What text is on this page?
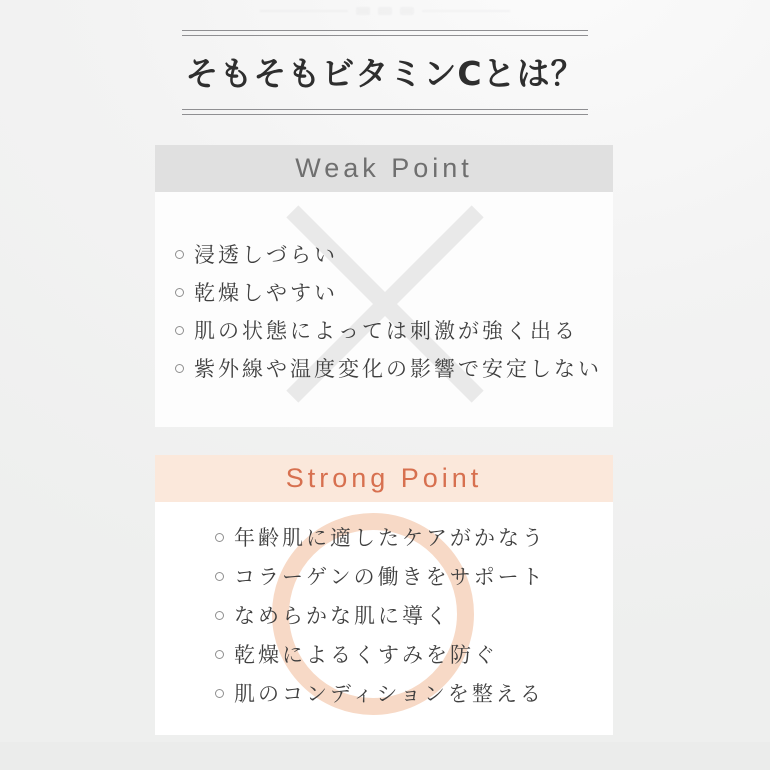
そもそもビタミンCとは？
Weak Point
浸透しづらい
乾燥しやすい
肌の状態によっては刺激が強く出る
紫外線や温度変化の影響で安定しない
Strong Point
年齢肌に適したケアがかなう
コラーゲンの働きをサポート
なめらかな肌に導く
乾燥によるくすみを防ぐ
肌のコンディションを整える
